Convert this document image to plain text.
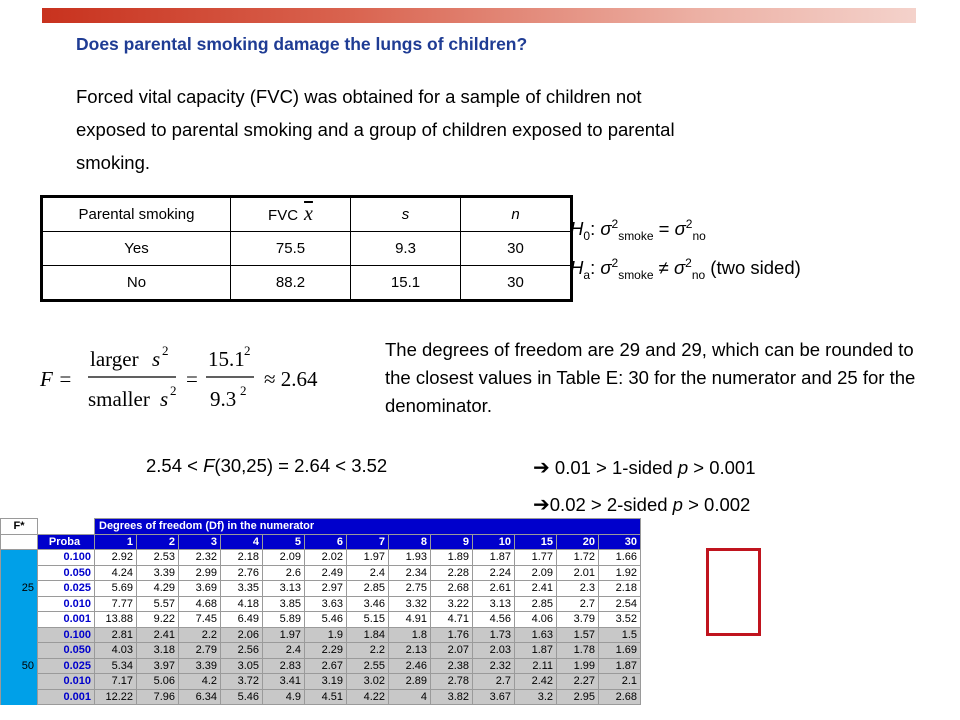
Does parental smoking damage the lungs of children?
Forced vital capacity (FVC) was obtained for a sample of children not exposed to parental smoking and a group of children exposed to parental smoking.
Parental smoking	FVC $\overline{x}$	s	n
Yes	75.5	9.3	30
No	88.2	15.1	30
$H_0$: $\sigma^2_{smoke} = \sigma^2_{no}$
$H_a$: $\sigma^2_{smoke} \ne \sigma^2_{no}$ (two sided)
F =
larger s 2
smaller s 2 =
15.1 2
9.3 2 ≈ 2.64
The degrees of freedom are 29 and 29, which can be rounded to the closest values in Table E: 30 for the numerator and 25 for the denominator.
2.54 < F(30,25) = 2.64 < 3.52	➔ 0.01 > 1-sided p > 0.001
➔0.02 > 2-sided p > 0.002
F*		Degrees of freedom (Df) in the numerator												
	Proba	1	2	3	4	5	6	7	8	9	10	15	20	30
	0.100	2.92	2.53	2.32	2.18	2.09	2.02	1.97	1.93	1.89	1.87	1.77	1.72	1.66
	0.050	4.24	3.39	2.99	2.76	2.6	2.49	2.4	2.34	2.28	2.24	2.09	2.01	1.92
25	0.025	5.69	4.29	3.69	3.35	3.13	2.97	2.85	2.75	2.68	2.61	2.41	2.3	2.18
	0.010	7.77	5.57	4.68	4.18	3.85	3.63	3.46	3.32	3.22	3.13	2.85	2.7	2.54
	0.001	13.88	9.22	7.45	6.49	5.89	5.46	5.15	4.91	4.71	4.56	4.06	3.79	3.52
	0.100	2.81	2.41	2.2	2.06	1.97	1.9	1.84	1.8	1.76	1.73	1.63	1.57	1.5
	0.050	4.03	3.18	2.79	2.56	2.4	2.29	2.2	2.13	2.07	2.03	1.87	1.78	1.69
50	0.025	5.34	3.97	3.39	3.05	2.83	2.67	2.55	2.46	2.38	2.32	2.11	1.99	1.87
	0.010	7.17	5.06	4.2	3.72	3.41	3.19	3.02	2.89	2.78	2.7	2.42	2.27	2.1
	0.001	12.22	7.96	6.34	5.46	4.9	4.51	4.22	4	3.82	3.67	3.2	2.95	2.68
